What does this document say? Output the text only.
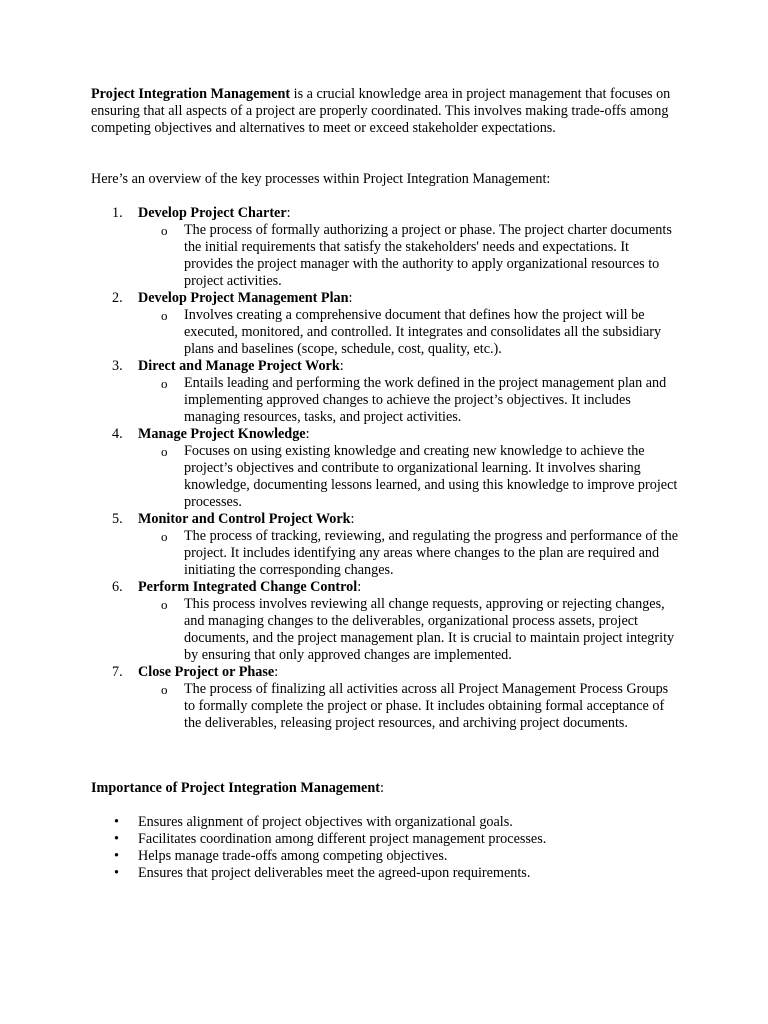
Project Integration Management is a crucial knowledge area in project management that focuses on ensuring that all aspects of a project are properly coordinated. This involves making trade-offs among competing objectives and alternatives to meet or exceed stakeholder expectations.

Here’s an overview of the key processes within Project Integration Management:

1. Develop Project Charter:
o The process of formally authorizing a project or phase. The project charter documents the initial requirements that satisfy the stakeholders' needs and expectations. It provides the project manager with the authority to apply organizational resources to project activities.
2. Develop Project Management Plan:
o Involves creating a comprehensive document that defines how the project will be executed, monitored, and controlled. It integrates and consolidates all the subsidiary plans and baselines (scope, schedule, cost, quality, etc.).
3. Direct and Manage Project Work:
o Entails leading and performing the work defined in the project management plan and implementing approved changes to achieve the project’s objectives. It includes managing resources, tasks, and project activities.
4. Manage Project Knowledge:
o Focuses on using existing knowledge and creating new knowledge to achieve the project’s objectives and contribute to organizational learning. It involves sharing knowledge, documenting lessons learned, and using this knowledge to improve project processes.
5. Monitor and Control Project Work:
o The process of tracking, reviewing, and regulating the progress and performance of the project. It includes identifying any areas where changes to the plan are required and initiating the corresponding changes.
6. Perform Integrated Change Control:
o This process involves reviewing all change requests, approving or rejecting changes, and managing changes to the deliverables, organizational process assets, project documents, and the project management plan. It is crucial to maintain project integrity by ensuring that only approved changes are implemented.
7. Close Project or Phase:
o The process of finalizing all activities across all Project Management Process Groups to formally complete the project or phase. It includes obtaining formal acceptance of the deliverables, releasing project resources, and archiving project documents.

Importance of Project Integration Management:

• Ensures alignment of project objectives with organizational goals.
• Facilitates coordination among different project management processes.
• Helps manage trade-offs among competing objectives.
• Ensures that project deliverables meet the agreed-upon requirements.
